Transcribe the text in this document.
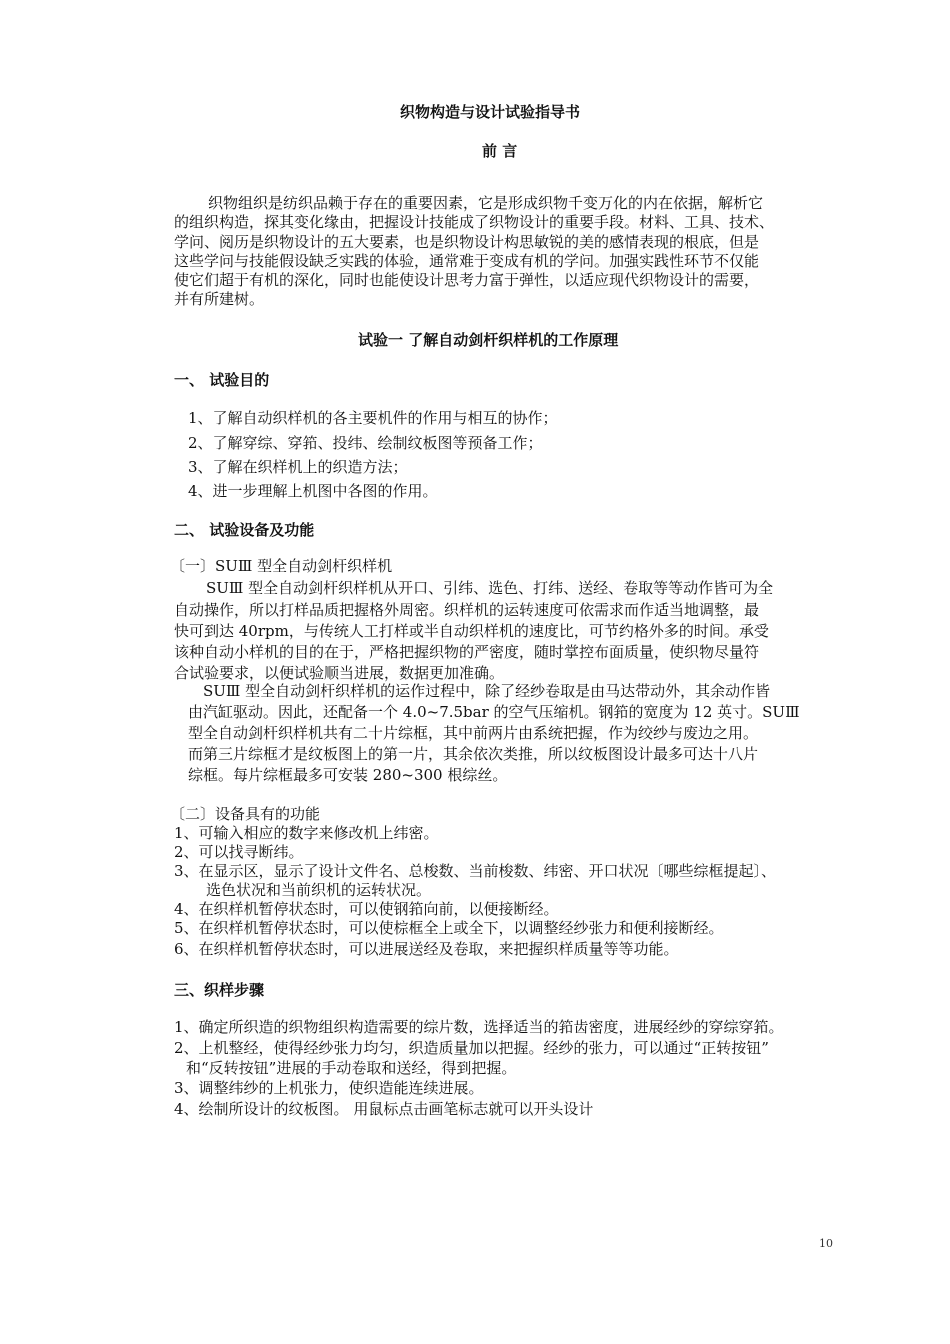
织物构造与设计试验指导书
前 言
织物组织是纺织品赖于存在的重要因素，它是形成织物千变万化的内在依据，解析它
的组织构造，探其变化缘由，把握设计技能成了织物设计的重要手段。材料、工具、技术、
学问、阅历是织物设计的五大要素，也是织物设计构思敏锐的美的感情表现的根底，但是
这些学问与技能假设缺乏实践的体验，通常难于变成有机的学问。加强实践性环节不仅能
使它们超于有机的深化，同时也能使设计思考力富于弹性，以适应现代织物设计的需要，
并有所建树。
试验一 了解自动剑杆织样机的工作原理
一、 试验目的
1、了解自动织样机的各主要机件的作用与相互的协作；
2、了解穿综、穿筘、投纬、绘制纹板图等预备工作；
3、了解在织样机上的织造方法；
4、进一步理解上机图中各图的作用。
二、 试验设备及功能
〔一〕SUⅢ 型全自动剑杆织样机
SUⅢ 型全自动剑杆织样机从开口、引纬、选色、打纬、送经、卷取等等动作皆可为全
自动操作，所以打样品质把握格外周密。织样机的运转速度可依需求而作适当地调整，最
快可到达 40rpm，与传统人工打样或半自动织样机的速度比，可节约格外多的时间。承受
该种自动小样机的目的在于，严格把握织物的严密度，随时掌控布面质量，使织物尽量符
合试验要求，以便试验顺当进展，数据更加准确。
SUⅢ 型全自动剑杆织样机的运作过程中，除了经纱卷取是由马达带动外，其余动作皆
由汽缸驱动。因此，还配备一个 4.0~7.5bar 的空气压缩机。钢筘的宽度为 12 英寸。SUⅢ
型全自动剑杆织样机共有二十片综框，其中前两片由系统把握，作为绞纱与废边之用。
而第三片综框才是纹板图上的第一片，其余依次类推，所以纹板图设计最多可达十八片
综框。每片综框最多可安装 280~300 根综丝。
〔二〕设备具有的功能
1、可输入相应的数字来修改机上纬密。
2、可以找寻断纬。
3、在显示区，显示了设计文件名、总梭数、当前梭数、纬密、开口状况〔哪些综框提起〕、
选色状况和当前织机的运转状况。
4、在织样机暂停状态时，可以使钢筘向前，以便接断经。
5、在织样机暂停状态时，可以使棕框全上或全下，以调整经纱张力和便利接断经。
6、在织样机暂停状态时，可以进展送经及卷取，来把握织样质量等等功能。
三、织样步骤
1、确定所织造的织物组织构造需要的综片数，选择适当的筘齿密度，进展经纱的穿综穿筘。
2、上机整经，使得经纱张力均匀，织造质量加以把握。经纱的张力，可以通过“正转按钮”
和“反转按钮”进展的手动卷取和送经，得到把握。
3、调整纬纱的上机张力，使织造能连续进展。
4、绘制所设计的纹板图。 用鼠标点击画笔标志就可以开头设计
10
